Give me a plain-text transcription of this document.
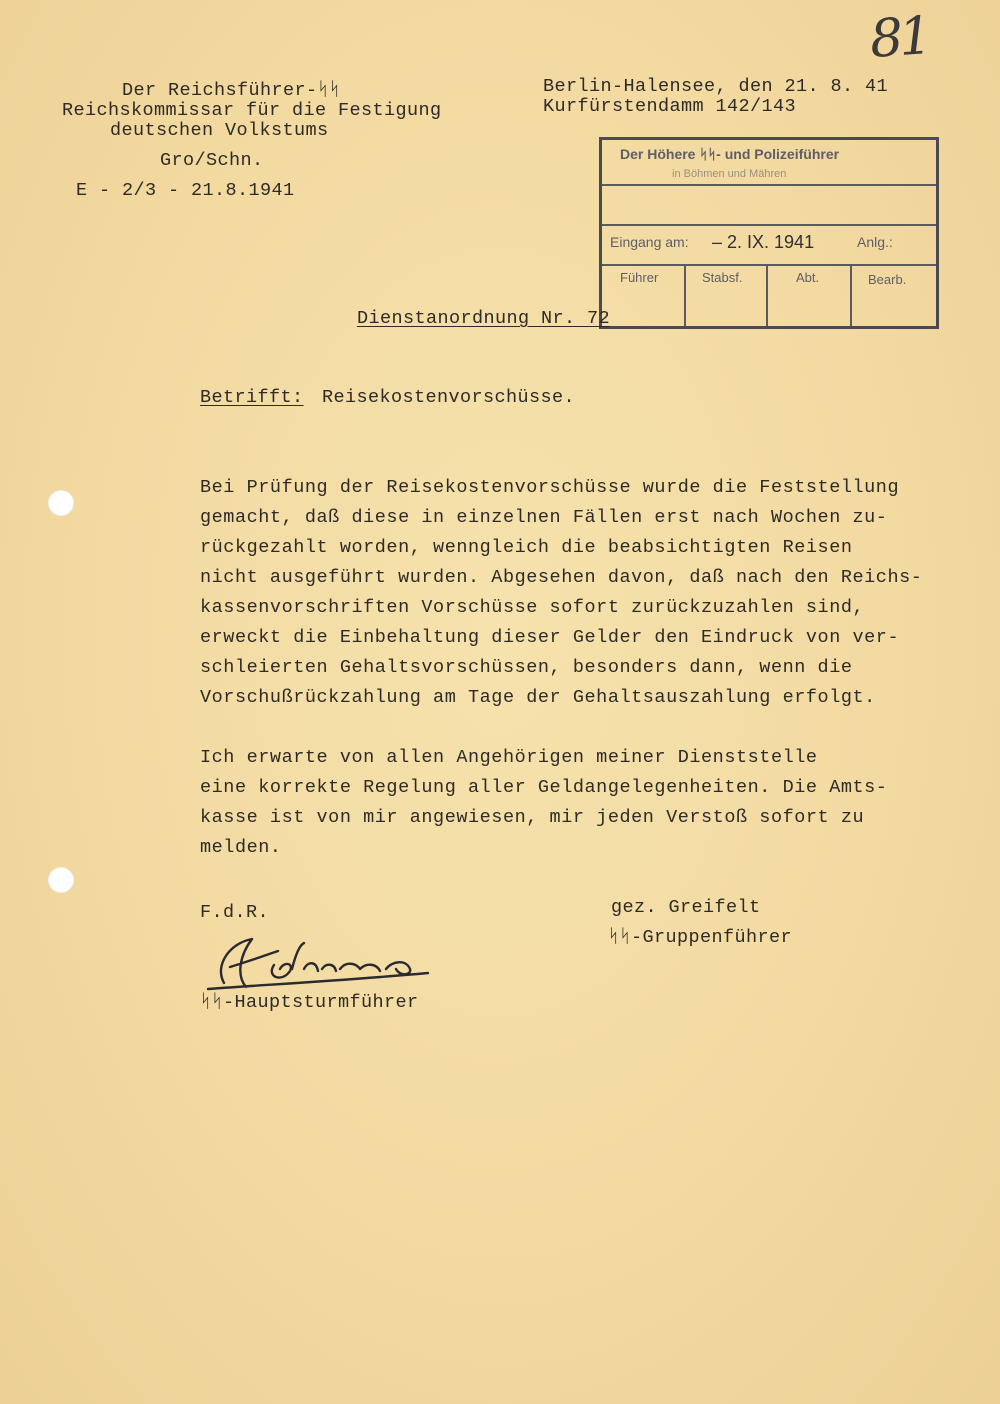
81
Der Reichsführer-ᛋᛋ
Reichskommissar für die Festigung
deutschen Volkstums
Gro/Schn.
E - 2/3 - 21.8.1941
Berlin-Halensee, den 21. 8. 41
Kurfürstendamm 142/143
Der Höhere ᛋᛋ- und Polizeiführer
in Böhmen und Mähren
Eingang am: – 2. IX. 1941	Anlg.:
Führer	Stabsf.	Abt.	Bearb.
Dienstanordnung Nr. 72
Betrifft: Reisekostenvorschüsse.
Bei Prüfung der Reisekostenvorschüsse wurde die Feststellung
gemacht, daß diese in einzelnen Fällen erst nach Wochen zu-
rückgezahlt worden, wenngleich die beabsichtigten Reisen
nicht ausgeführt wurden. Abgesehen davon, daß nach den Reichs-
kassenvorschriften Vorschüsse sofort zurückzuzahlen sind,
erweckt die Einbehaltung dieser Gelder den Eindruck von ver-
schleierten Gehaltsvorschüssen, besonders dann, wenn die
Vorschußrückzahlung am Tage der Gehaltsauszahlung erfolgt.
Ich erwarte von allen Angehörigen meiner Dienststelle
eine korrekte Regelung aller Geldangelegenheiten. Die Amts-
kasse ist von mir angewiesen, mir jeden Verstoß sofort zu
melden.
F.d.R.	gez. Greifelt
ᛋᛋ-Gruppenführer
ᛋᛋ-Hauptsturmführer
